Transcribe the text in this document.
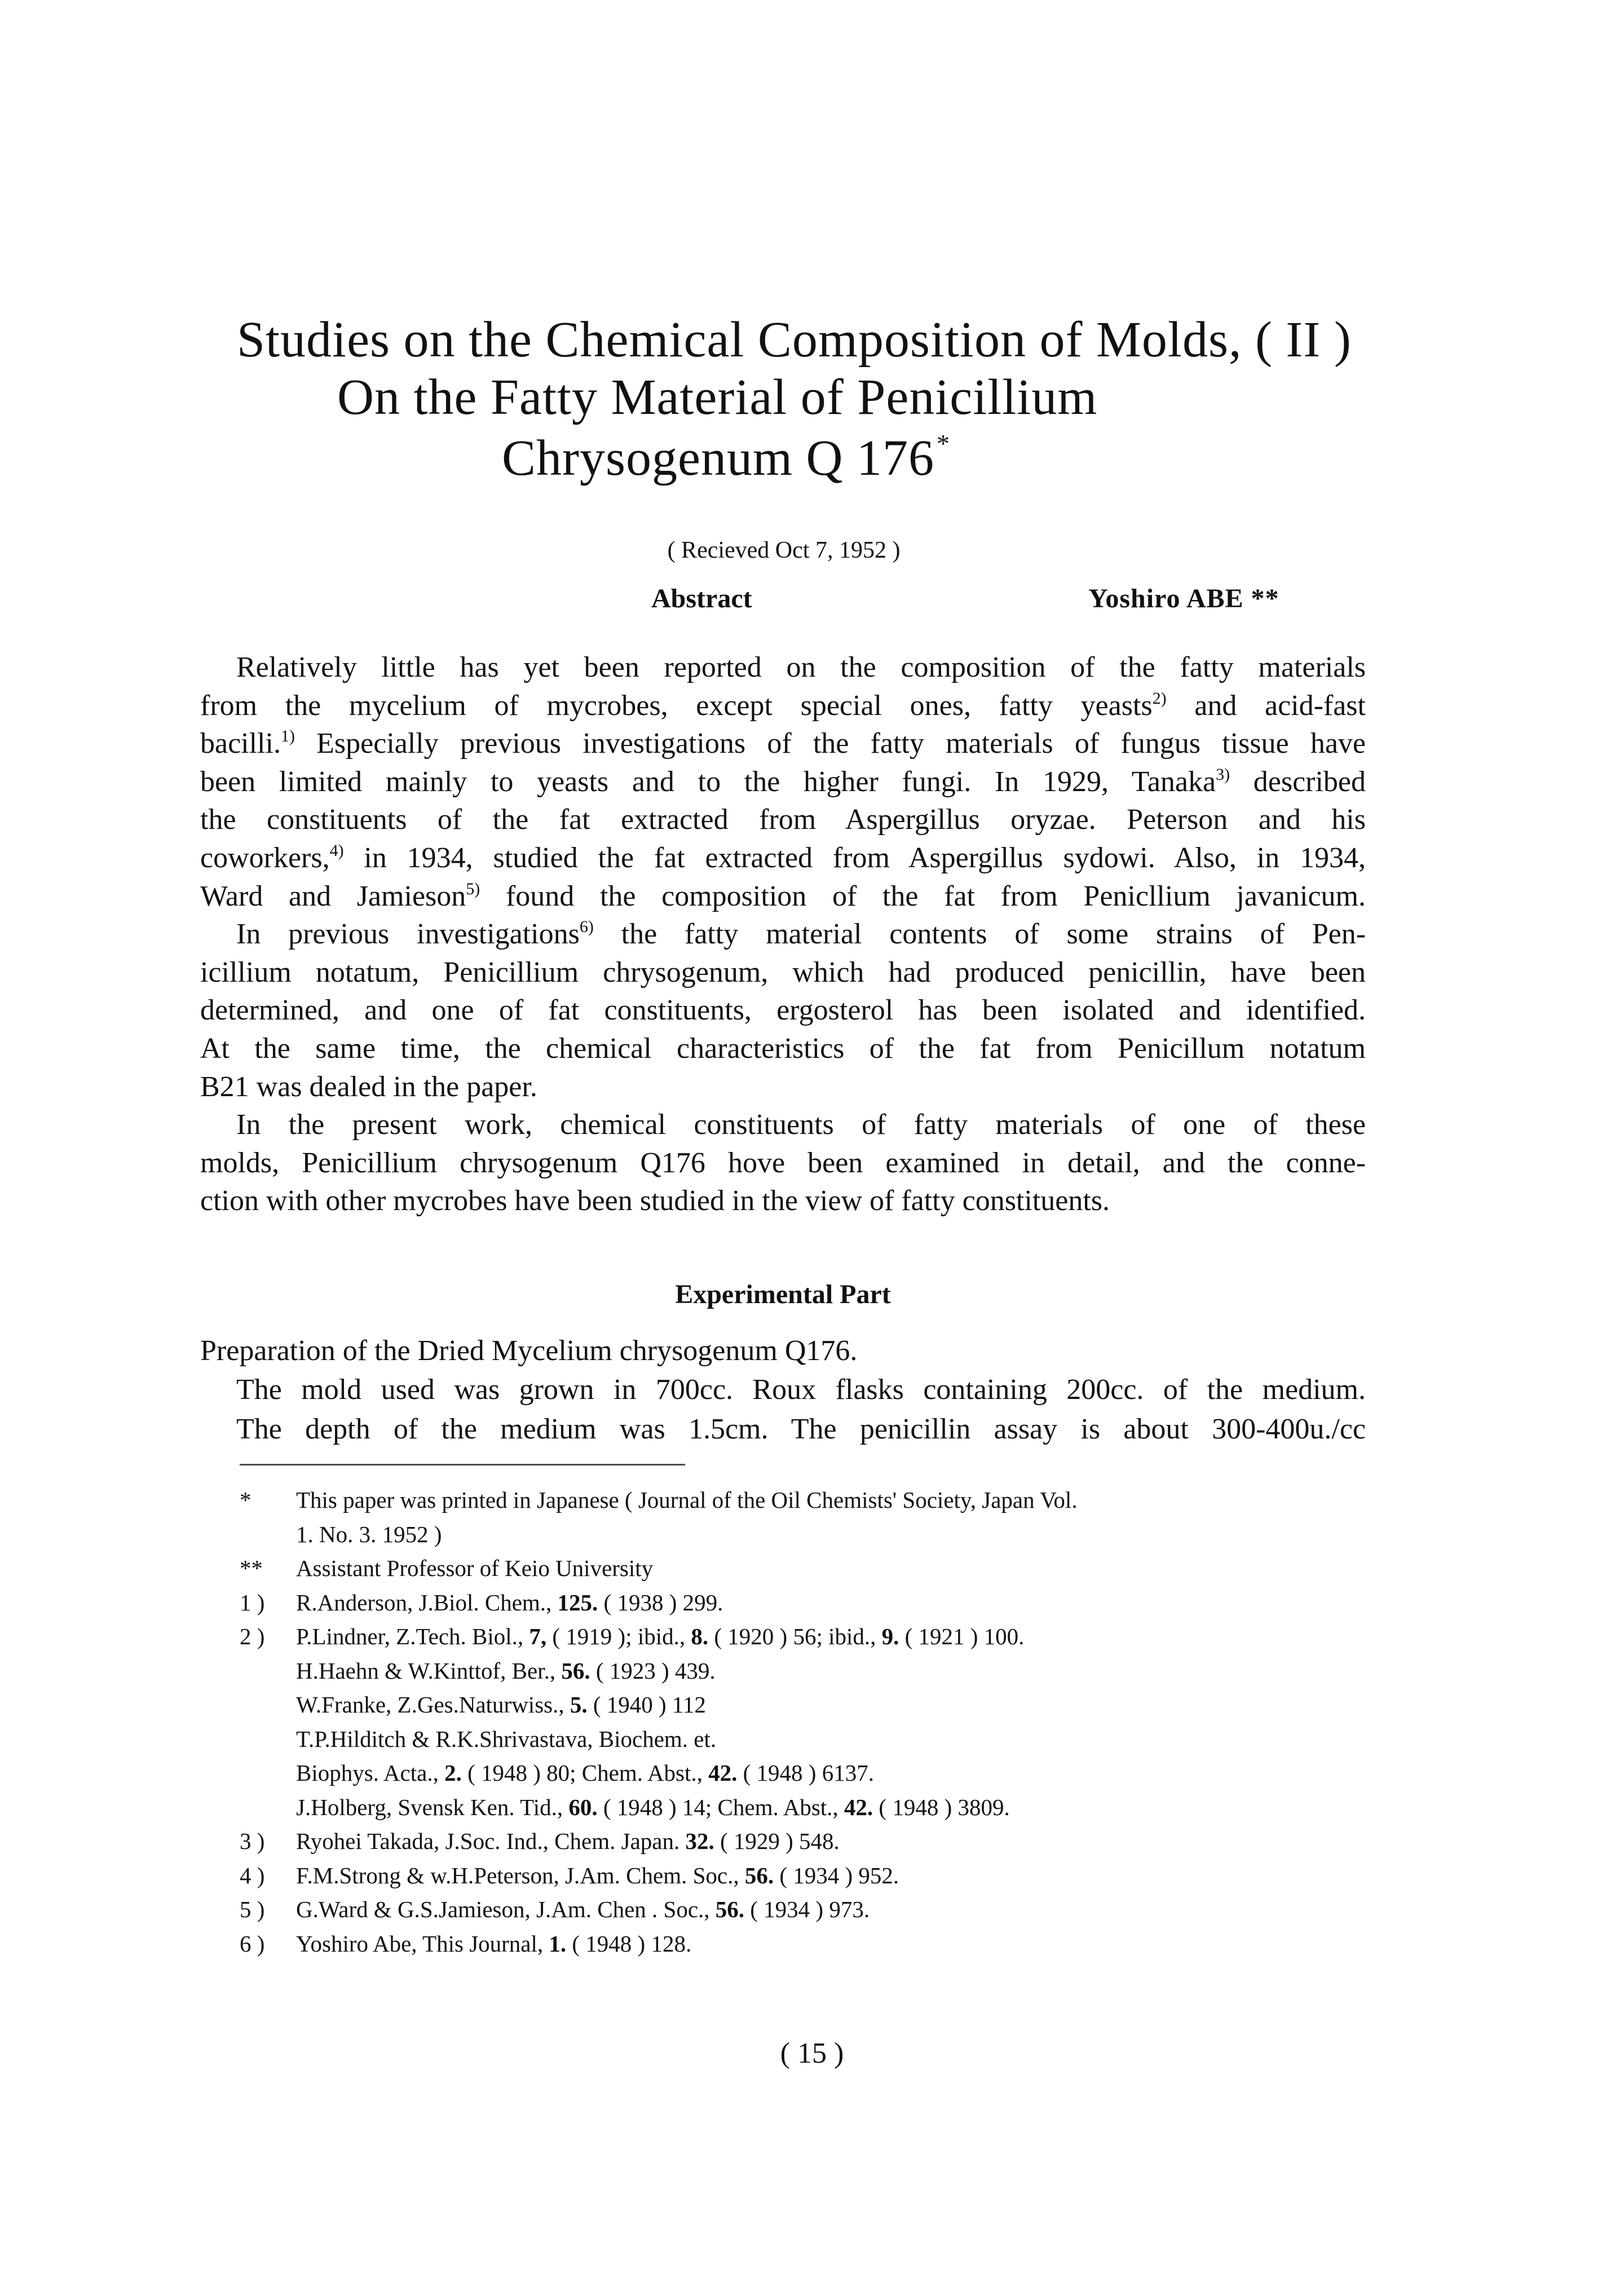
Studies on the Chemical Composition of Molds, ( II )
On the Fatty Material of Penicillium
Chrysogenum Q 176*
( Recieved Oct 7, 1952 )
Abstract	Yoshiro ABE **
Relatively little has yet been reported on the composition of the fatty materials
from the mycelium of mycrobes, except special ones, fatty yeasts$^{2)}$ and acid-fast
bacilli.$^{1)}$ Especially previous investigations of the fatty materials of fungus tissue have
been limited mainly to yeasts and to the higher fungi. In 1929, Tanaka$^{3)}$ described
the constituents of the fat extracted from Aspergillus oryzae. Peterson and his
coworkers,$^{4)}$ in 1934, studied the fat extracted from Aspergillus sydowi. Also, in 1934,
Ward and Jamieson$^{5)}$ found the composition of the fat from Penicllium javanicum.
In previous investigations$^{6)}$ the fatty material contents of some strains of Pen-
icillium notatum, Penicillium chrysogenum, which had produced penicillin, have been
determined, and one of fat constituents, ergosterol has been isolated and identified.
At the same time, the chemical characteristics of the fat from Penicillum notatum
B21 was dealed in the paper.
In the present work, chemical constituents of fatty materials of one of these
molds, Penicillium chrysogenum Q176 hove been examined in detail, and the conne-
ction with other mycrobes have been studied in the view of fatty constituents.
Experimental Part
Preparation of the Dried Mycelium chrysogenum Q176.
The mold used was grown in 700cc. Roux flasks containing 200cc. of the medium.
The depth of the medium was 1.5cm. The penicillin assay is about 300-400u./cc
*	This paper was printed in Japanese ( Journal of the Oil Chemists' Society, Japan Vol.
1. No. 3. 1952 )
**	Assistant Professor of Keio University
1 )	R.Anderson, J.Biol. Chem., 125. ( 1938 ) 299.
2 )	P.Lindner, Z.Tech. Biol., 7, ( 1919 ); ibid., 8. ( 1920 ) 56; ibid., 9. ( 1921 ) 100.
H.Haehn & W.Kinttof, Ber., 56. ( 1923 ) 439.
W.Franke, Z.Ges.Naturwiss., 5. ( 1940 ) 112
T.P.Hilditch & R.K.Shrivastava, Biochem. et.
Biophys. Acta., 2. ( 1948 ) 80; Chem. Abst., 42. ( 1948 ) 6137.
J.Holberg, Svensk Ken. Tid., 60. ( 1948 ) 14; Chem. Abst., 42. ( 1948 ) 3809.
3 )	Ryohei Takada, J.Soc. Ind., Chem. Japan. 32. ( 1929 ) 548.
4 )	F.M.Strong & w.H.Peterson, J.Am. Chem. Soc., 56. ( 1934 ) 952.
5 )	G.Ward & G.S.Jamieson, J.Am. Chen . Soc., 56. ( 1934 ) 973.
6 )	Yoshiro Abe, This Journal, 1. ( 1948 ) 128.
( 15 )
